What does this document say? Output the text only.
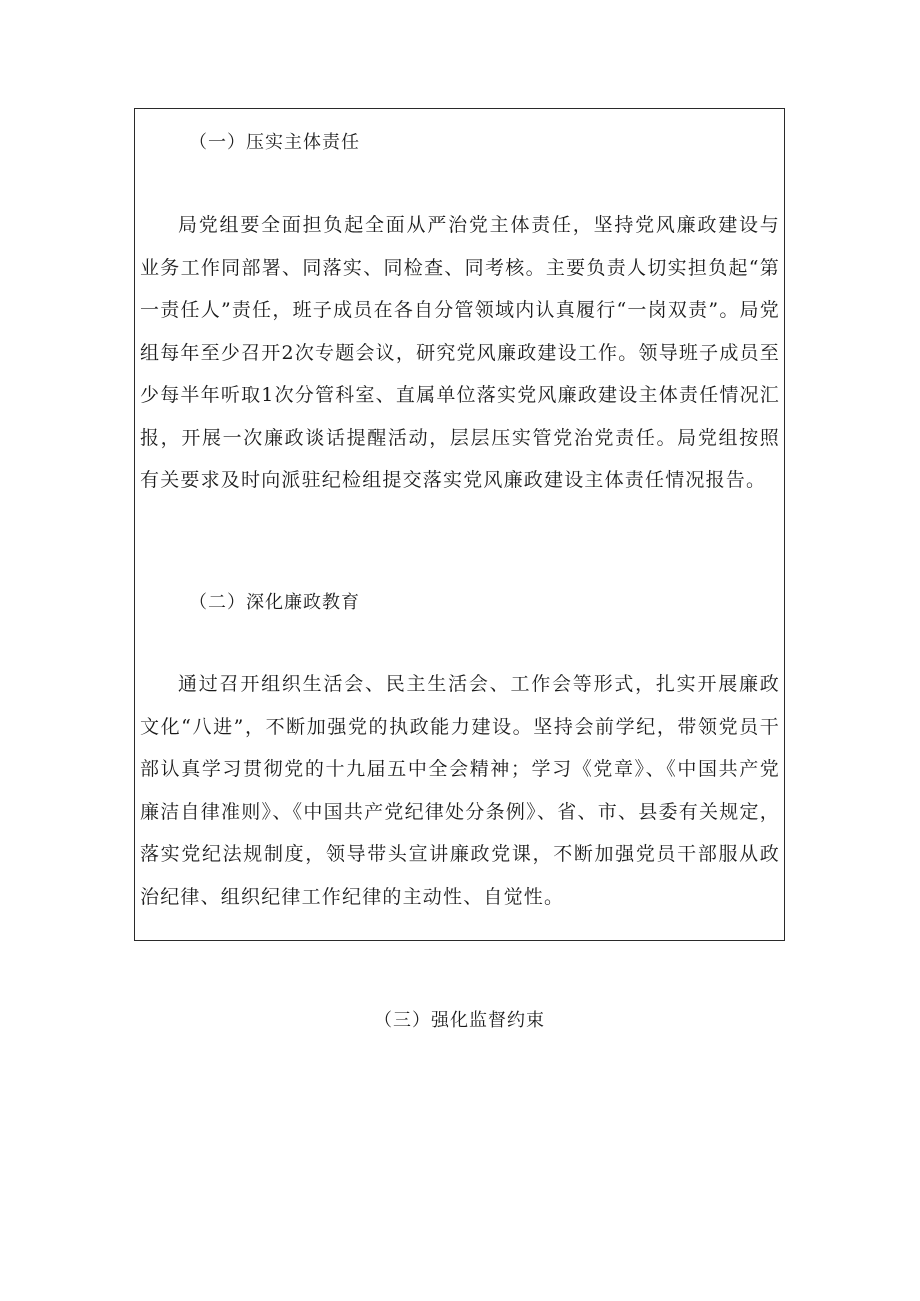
（一）压实主体责任

局党组要全面担负起全面从严治党主体责任，坚持党风廉政建设与业务工作同部署、同落实、同检查、同考核。主要负责人切实担负起“第一责任人”责任，班子成员在各自分管领域内认真履行“一岗双责”。局党组每年至少召开2次专题会议，研究党风廉政建设工作。领导班子成员至少每半年听取1次分管科室、直属单位落实党风廉政建设主体责任情况汇报，开展一次廉政谈话提醒活动，层层压实管党治党责任。局党组按照有关要求及时向派驻纪检组提交落实党风廉政建设主体责任情况报告。

（二）深化廉政教育

通过召开组织生活会、民主生活会、工作会等形式，扎实开展廉政文化“八进”，不断加强党的执政能力建设。坚持会前学纪，带领党员干部认真学习贯彻党的十九届五中全会精神；学习《党章》、《中国共产党廉洁自律准则》、《中国共产党纪律处分条例》、省、市、县委有关规定，落实党纪法规制度，领导带头宣讲廉政党课，不断加强党员干部服从政治纪律、组织纪律工作纪律的主动性、自觉性。

（三）强化监督约束
